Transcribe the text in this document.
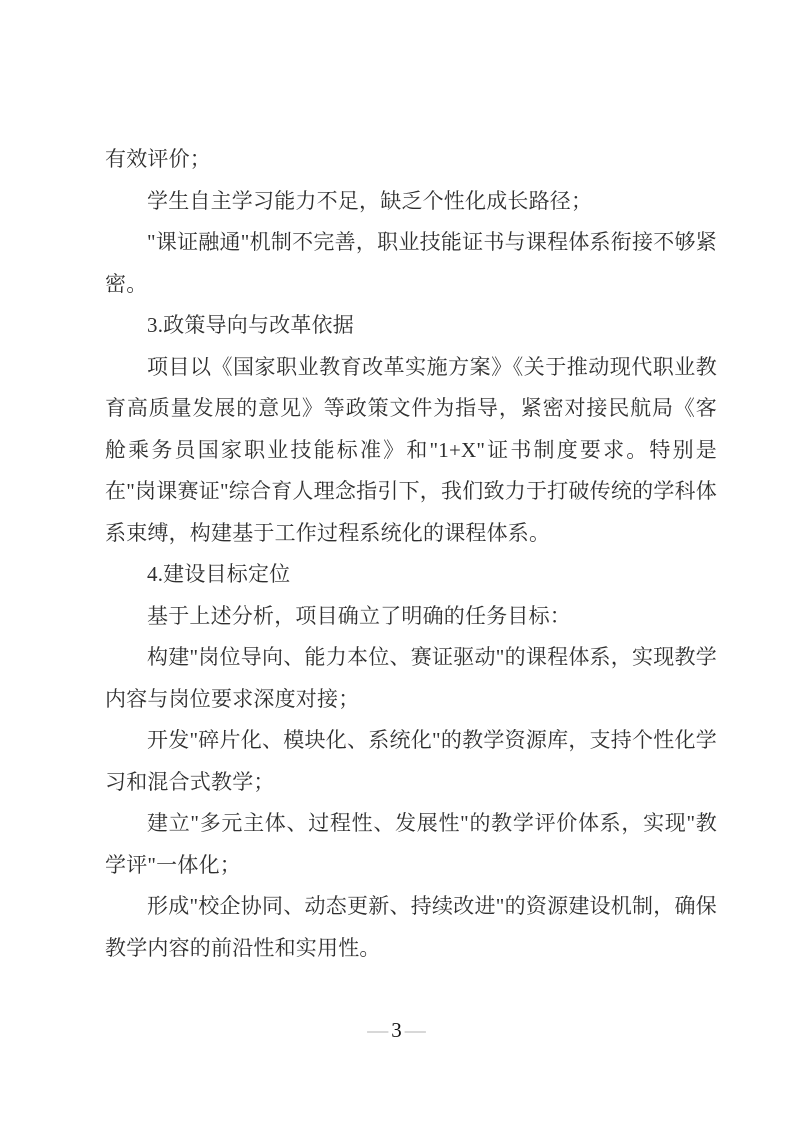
有效评价；

学生自主学习能力不足，缺乏个性化成长路径；

"课证融通"机制不完善，职业技能证书与课程体系衔接不够紧密。

3.政策导向与改革依据

项目以《国家职业教育改革实施方案》《关于推动现代职业教育高质量发展的意见》等政策文件为指导，紧密对接民航局《客舱乘务员国家职业技能标准》和"1+X"证书制度要求。特别是在"岗课赛证"综合育人理念指引下，我们致力于打破传统的学科体系束缚，构建基于工作过程系统化的课程体系。

4.建设目标定位

基于上述分析，项目确立了明确的任务目标：

构建"岗位导向、能力本位、赛证驱动"的课程体系，实现教学内容与岗位要求深度对接；

开发"碎片化、模块化、系统化"的教学资源库，支持个性化学习和混合式教学；

建立"多元主体、过程性、发展性"的教学评价体系，实现"教学评"一体化；

形成"校企协同、动态更新、持续改进"的资源建设机制，确保教学内容的前沿性和实用性。

— 3 —
